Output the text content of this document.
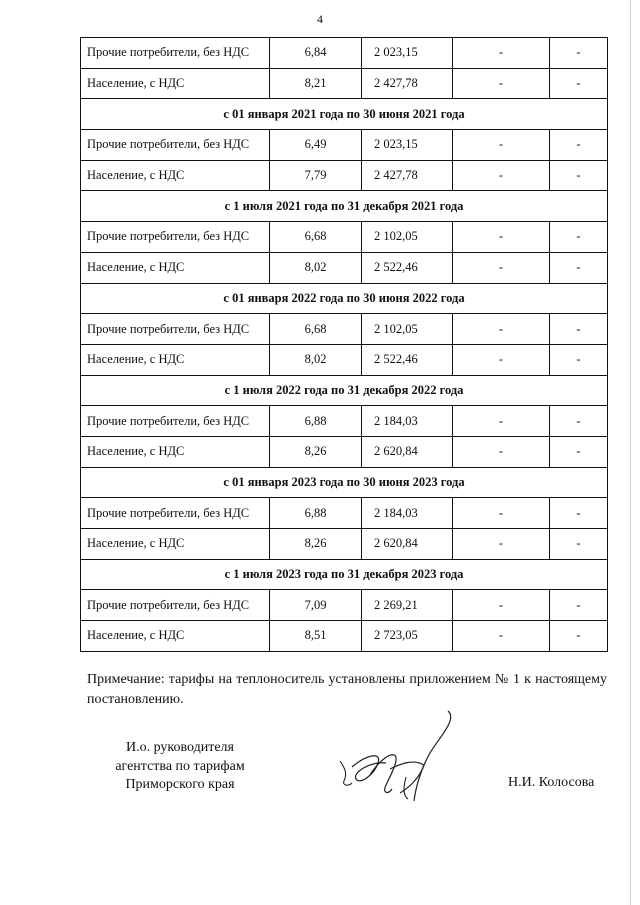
4
Прочие потребители, без НДС	6,84	2 023,15	-	-
Население, с НДС	8,21	2 427,78	-	-
с 01 января 2021 года по 30 июня 2021 года				
Прочие потребители, без НДС	6,49	2 023,15	-	-
Население, с НДС	7,79	2 427,78	-	-
с 1 июля 2021 года по 31 декабря 2021 года				
Прочие потребители, без НДС	6,68	2 102,05	-	-
Население, с НДС	8,02	2 522,46	-	-
с 01 января 2022 года по 30 июня 2022 года				
Прочие потребители, без НДС	6,68	2 102,05	-	-
Население, с НДС	8,02	2 522,46	-	-
с 1 июля 2022 года по 31 декабря 2022 года				
Прочие потребители, без НДС	6,88	2 184,03	-	-
Население, с НДС	8,26	2 620,84	-	-
с 01 января 2023 года по 30 июня 2023 года				
Прочие потребители, без НДС	6,88	2 184,03	-	-
Население, с НДС	8,26	2 620,84	-	-
с 1 июля 2023 года по 31 декабря 2023 года				
Прочие потребители, без НДС	7,09	2 269,21	-	-
Население, с НДС	8,51	2 723,05	-	-
Примечание: тарифы на теплоноситель установлены приложением № 1 к настоящему постановлению.
И.о. руководителя
агентства по тарифам
Приморского края	Н.И. Колосова
